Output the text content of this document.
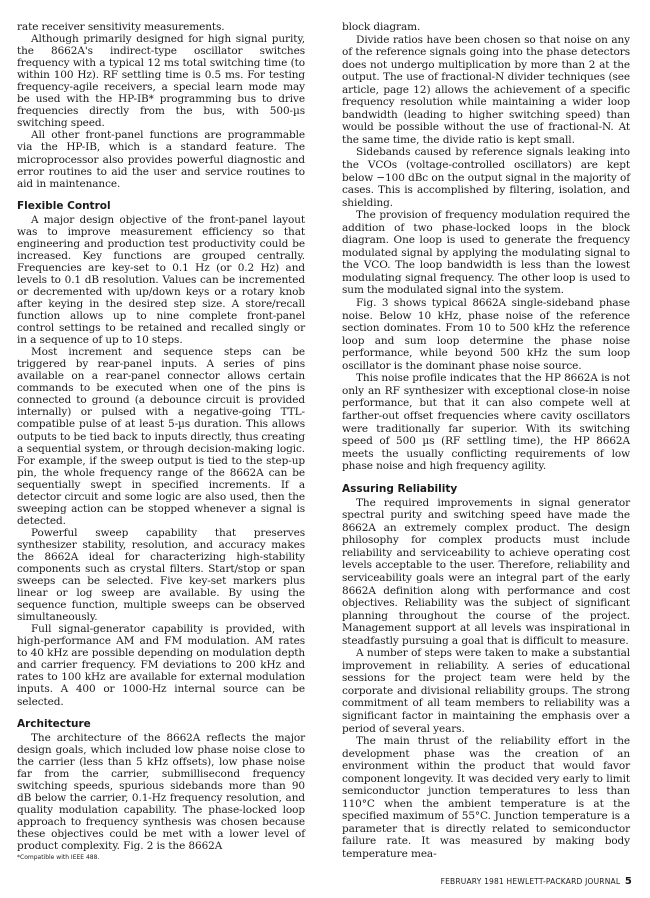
rate receiver sensitivity measurements.

Although primarily designed for high signal purity, the 8662A's indirect-type oscillator switches frequency with a typical 12 ms total switching time (to within 100 Hz). RF settling time is 0.5 ms. For testing frequency-agile receivers, a special learn mode may be used with the HP-IB* programming bus to drive frequencies directly from the bus, with 500-µs switching speed.

All other front-panel functions are programmable via the HP-IB, which is a standard feature. The microprocessor also provides powerful diagnostic and error routines to aid the user and service routines to aid in maintenance.

Flexible Control

A major design objective of the front-panel layout was to improve measurement efficiency so that engineering and production test productivity could be increased. Key functions are grouped centrally. Frequencies are key-set to 0.1 Hz (or 0.2 Hz) and levels to 0.1 dB resolution. Values can be incremented or decremented with up/down keys or a rotary knob after keying in the desired step size. A store/recall function allows up to nine complete front-panel control settings to be retained and recalled singly or in a sequence of up to 10 steps.

Most increment and sequence steps can be triggered by rear-panel inputs. A series of pins available on a rear-panel connector allows certain commands to be executed when one of the pins is connected to ground (a debounce circuit is provided internally) or pulsed with a negative-going TTL-compatible pulse of at least 5-µs duration. This allows outputs to be tied back to inputs directly, thus creating a sequential system, or through decision-making logic. For example, if the sweep output is tied to the step-up pin, the whole frequency range of the 8662A can be sequentially swept in specified increments. If a detector circuit and some logic are also used, then the sweeping action can be stopped whenever a signal is detected.

Powerful sweep capability that preserves synthesizer stability, resolution, and accuracy makes the 8662A ideal for characterizing high-stability components such as crystal filters. Start/stop or span sweeps can be selected. Five key-set markers plus linear or log sweep are available. By using the sequence function, multiple sweeps can be observed simultaneously.

Full signal-generator capability is provided, with high-performance AM and FM modulation. AM rates to 40 kHz are possible depending on modulation depth and carrier frequency. FM deviations to 200 kHz and rates to 100 kHz are available for external modulation inputs. A 400 or 1000-Hz internal source can be selected.

Architecture

The architecture of the 8662A reflects the major design goals, which included low phase noise close to the carrier (less than 5 kHz offsets), low phase noise far from the carrier, submillisecond frequency switching speeds, spurious sidebands more than 90 dB below the carrier, 0.1-Hz frequency resolution, and quality modulation capability. The phase-locked loop approach to frequency synthesis was chosen because these objectives could be met with a lower level of product complexity. Fig. 2 is the 8662A

*Compatible with IEEE 488.

block diagram.

Divide ratios have been chosen so that noise on any of the reference signals going into the phase detectors does not undergo multiplication by more than 2 at the output. The use of fractional-N divider techniques (see article, page 12) allows the achievement of a specific frequency resolution while maintaining a wider loop bandwidth (leading to higher switching speed) than would be possible without the use of fractional-N. At the same time, the divide ratio is kept small.

Sidebands caused by reference signals leaking into the VCOs (voltage-controlled oscillators) are kept below −100 dBc on the output signal in the majority of cases. This is accomplished by filtering, isolation, and shielding.

The provision of frequency modulation required the addition of two phase-locked loops in the block diagram. One loop is used to generate the frequency modulated signal by applying the modulating signal to the VCO. The loop bandwidth is less than the lowest modulating signal frequency. The other loop is used to sum the modulated signal into the system.

Fig. 3 shows typical 8662A single-sideband phase noise. Below 10 kHz, phase noise of the reference section dominates. From 10 to 500 kHz the reference loop and sum loop determine the phase noise performance, while beyond 500 kHz the sum loop oscillator is the dominant phase noise source.

This noise profile indicates that the HP 8662A is not only an RF synthesizer with exceptional close-in noise performance, but that it can also compete well at farther-out offset frequencies where cavity oscillators were traditionally far superior. With its switching speed of 500 µs (RF settling time), the HP 8662A meets the usually conflicting requirements of low phase noise and high frequency agility.

Assuring Reliability

The required improvements in signal generator spectral purity and switching speed have made the 8662A an extremely complex product. The design philosophy for complex products must include reliability and serviceability to achieve operating cost levels acceptable to the user. Therefore, reliability and serviceability goals were an integral part of the early 8662A definition along with performance and cost objectives. Reliability was the subject of significant planning throughout the course of the project. Management support at all levels was inspirational in steadfastly pursuing a goal that is difficult to measure.

A number of steps were taken to make a substantial improvement in reliability. A series of educational sessions for the project team were held by the corporate and divisional reliability groups. The strong commitment of all team members to reliability was a significant factor in maintaining the emphasis over a period of several years.

The main thrust of the reliability effort in the development phase was the creation of an environment within the product that would favor component longevity. It was decided very early to limit semiconductor junction temperatures to less than 110°C when the ambient temperature is at the specified maximum of 55°C. Junction temperature is a parameter that is directly related to semiconductor failure rate. It was measured by making body temperature mea-

FEBRUARY 1981 HEWLETT-PACKARD JOURNAL 5
